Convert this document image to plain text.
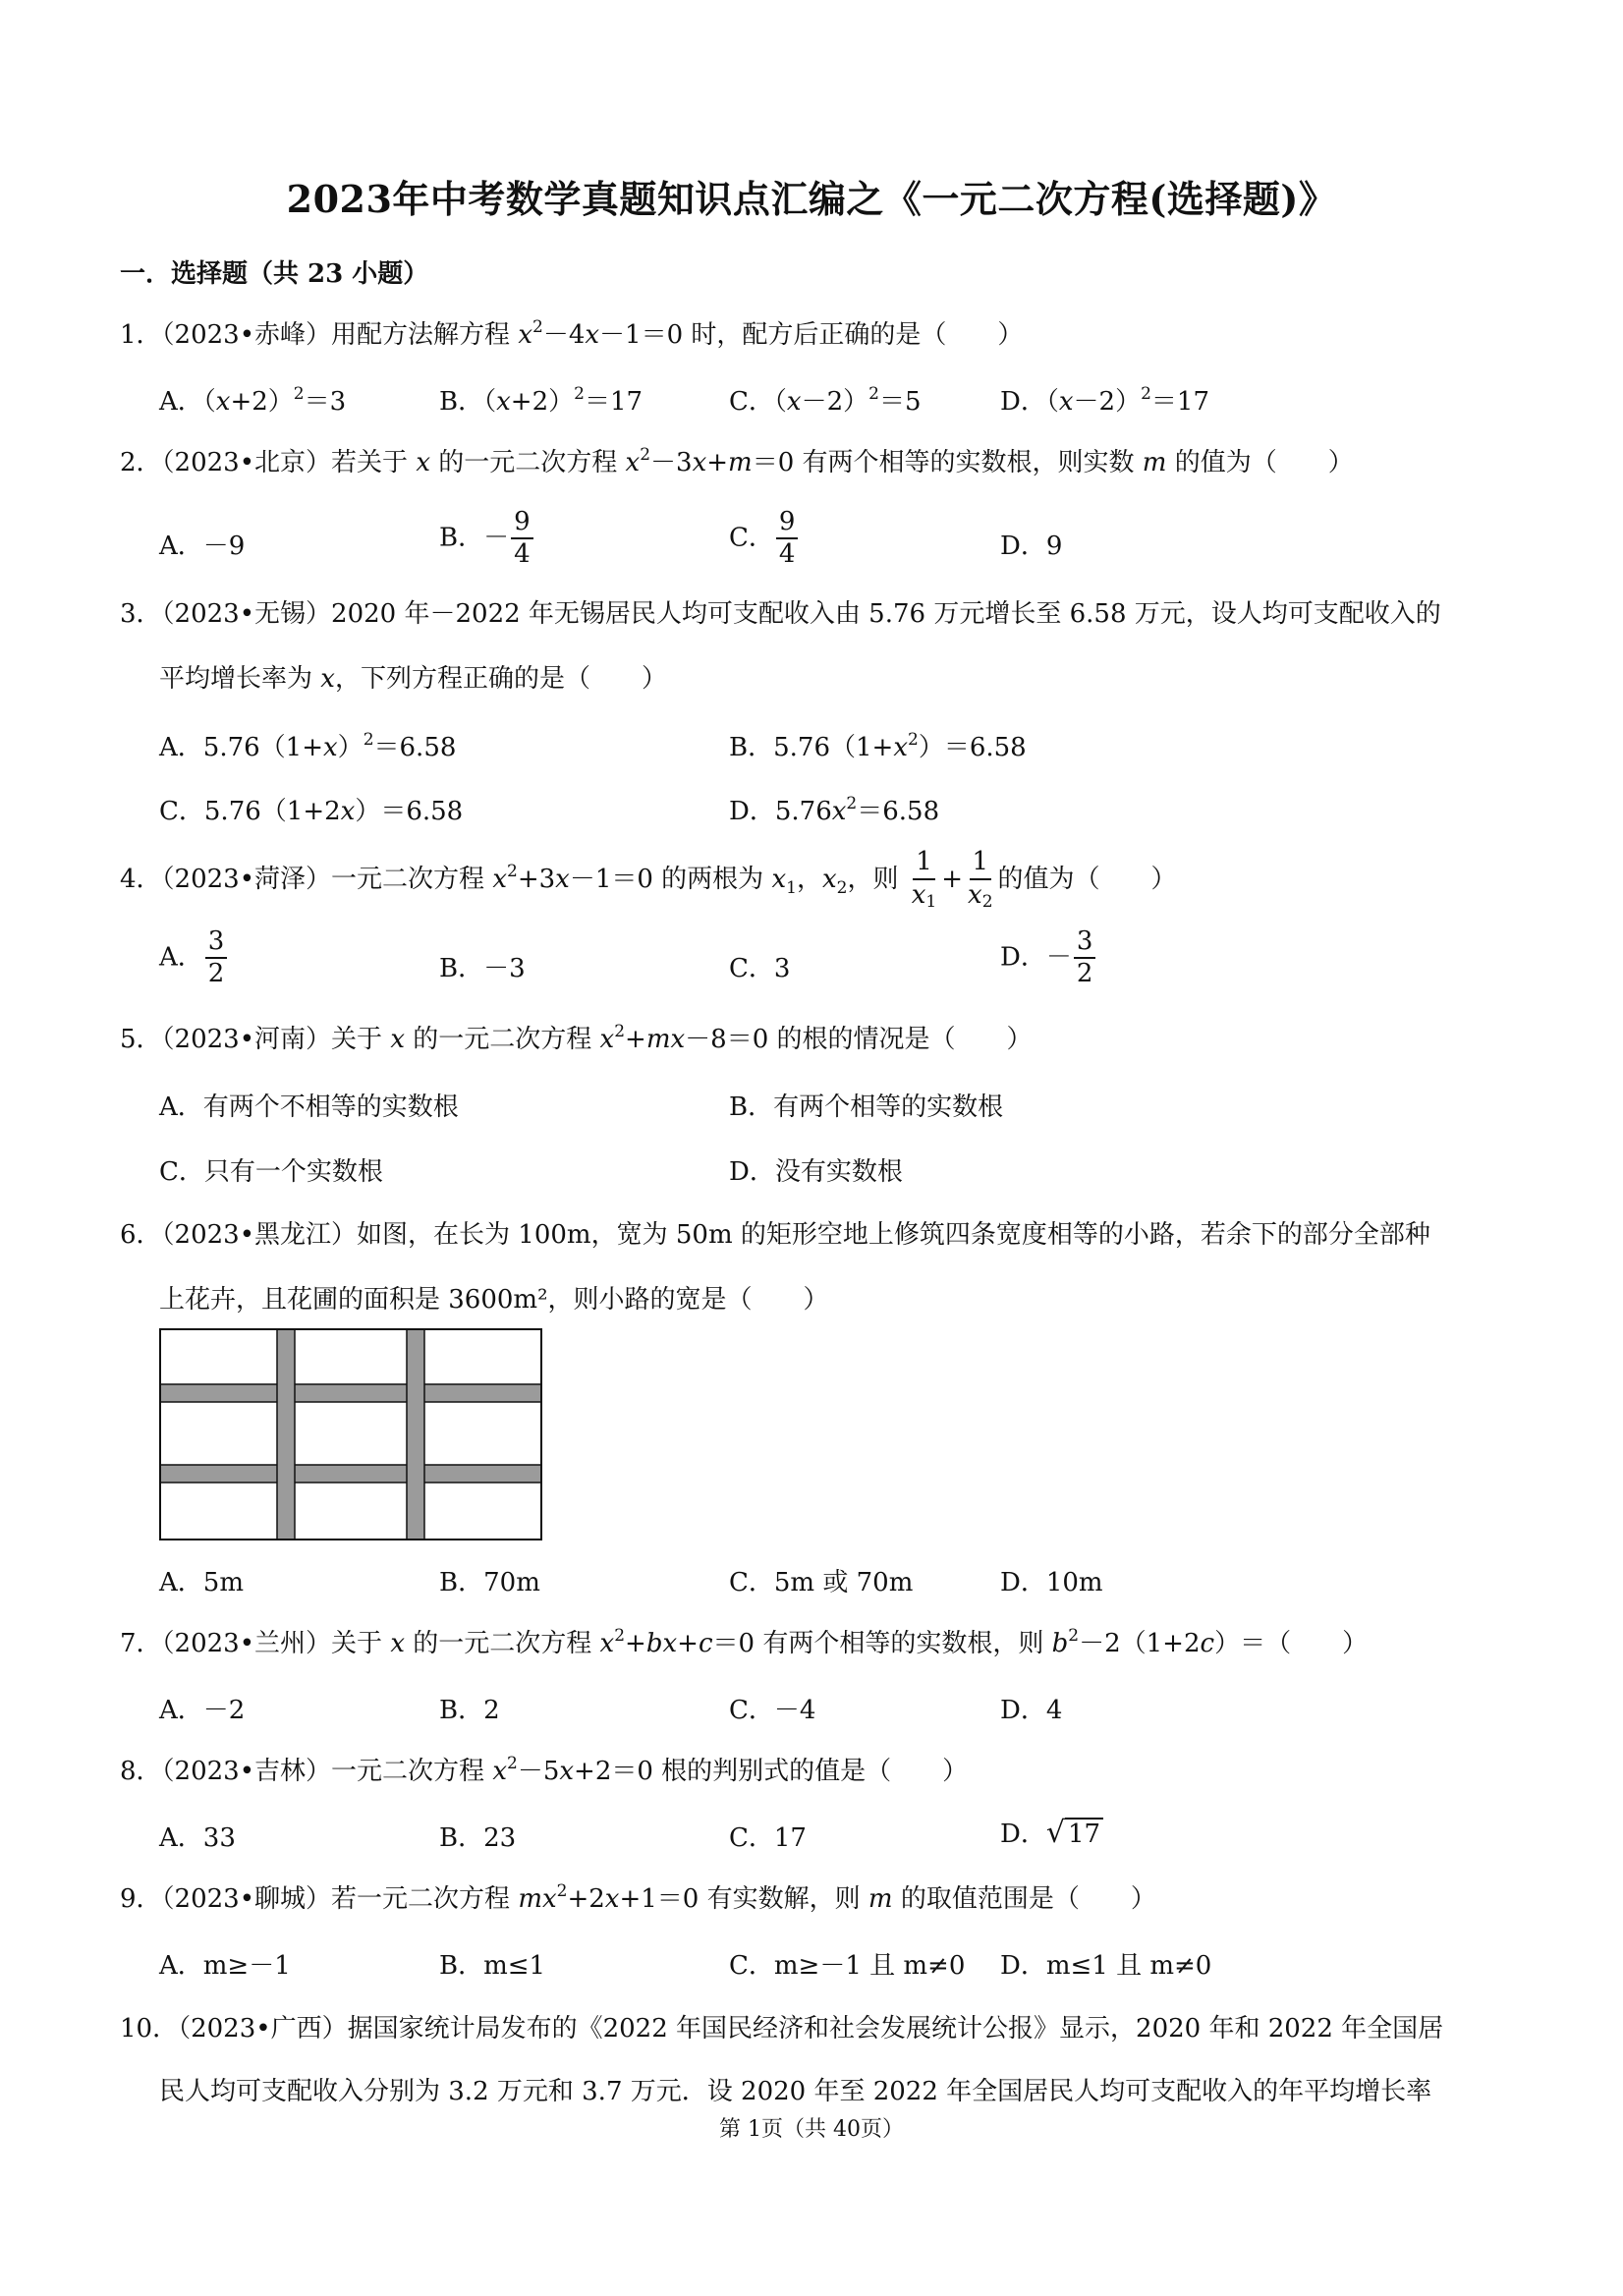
2023年中考数学真题知识点汇编之《一元二次方程(选择题)》
一．选择题（共 23 小题）
1．（2023•赤峰）用配方法解方程 $x^2-4x-1=0$ 时，配方后正确的是（　　）
A．$(x+2)^2=3$	B．$(x+2)^2=17$	C．$(x-2)^2=5$	D．$(x-2)^2=17$
2．（2023•北京）若关于 x 的一元二次方程 $x^2-3x+m=0$ 有两个相等的实数根，则实数 m 的值为（　　）
A．－9	B．－ $\frac{9}{4}$	C． $\frac{9}{4}$	D．9
3．（2023•无锡）2020 年－2022 年无锡居民人均可支配收入由 5.76 万元增长至 6.58 万元，设人均可支配收入的
平均增长率为 x，下列方程正确的是（　　）
A．$5.76(1+x)^2=6.58$	B．$5.76(1+x^2)=6.58$
C．5.76（1+2x）＝6.58	D．$5.76x^2=6.58$
4．（2023•菏泽）一元二次方程 $x^2+3x-1=0$ 的两根为 $x_1$，$x_2$，则 $\frac{1}{x_1} + \frac{1}{x_2}$ 的值为（　　）
A． $\frac{3}{2}$	B．－3	C．3	D．－ $\frac{3}{2}$
5．（2023•河南）关于 x 的一元二次方程 $x^2+mx-8=0$ 的根的情况是（　　）
A．有两个不相等的实数根	B．有两个相等的实数根
C．只有一个实数根	D．没有实数根
6．（2023•黑龙江）如图，在长为 100m，宽为 50m 的矩形空地上修筑四条宽度相等的小路，若余下的部分全部种
上花卉，且花圃的面积是 3600m²，则小路的宽是（　　）
A．5m	B．70m	C．5m 或 70m	D．10m
7．（2023•兰州）关于 x 的一元二次方程 $x^2+bx+c=0$ 有两个相等的实数根，则 $b^2-2(1+2c)=$（　　）
A．－2	B．2	C．－4	D．4
8．（2023•吉林）一元二次方程 $x^2-5x+2=0$ 根的判别式的值是（　　）
A．33	B．23	C．17	D．√ 17
9．（2023•聊城）若一元二次方程 $mx^2+2x+1=0$ 有实数解，则 m 的取值范围是（　　）
A．m≥－1	B．m≤1	C．m≥－1 且 m≠0 D．m≤1 且 m≠0
10．（2023•广西）据国家统计局发布的《2022 年国民经济和社会发展统计公报》显示，2020 年和 2022 年全国居
民人均可支配收入分别为 3.2 万元和 3.7 万元．设 2020 年至 2022 年全国居民人均可支配收入的年平均增长率
第 1页（共 40页）
